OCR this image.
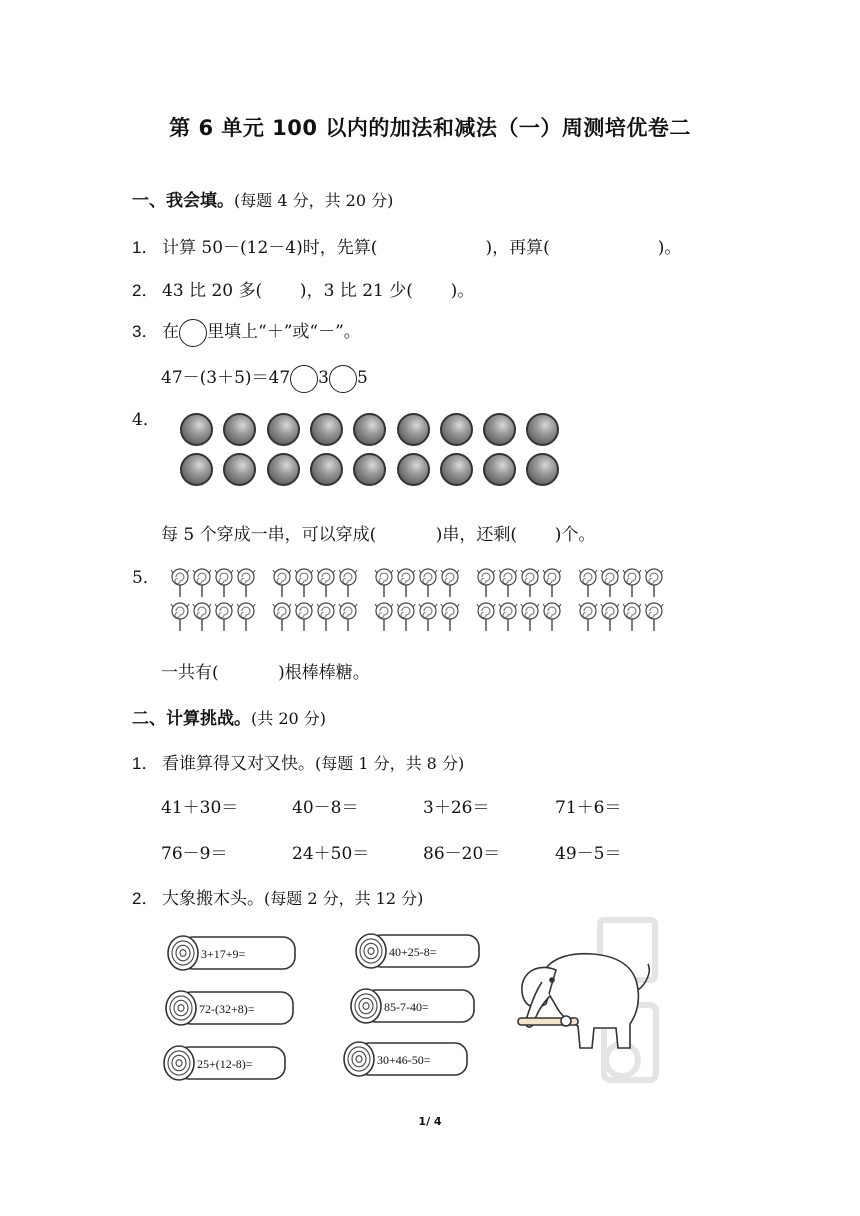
第 6 单元 100 以内的加法和减法（一）周测培优卷二
一、我会填。(每题 4 分，共 20 分)
1． 计算 50－(12－4)时，先算(                    )，再算(                    )。
2． 43 比 20 多(       )，3 比 21 少(       )。
3． 在 里填上“＋”或“－”。
47－(3＋5)＝47 3 5
4．
每 5 个穿成一串，可以穿成(           )串，还剩(       )个。
5．
一共有(           )根棒棒糖。
二、计算挑战。(共 20 分)
1． 看谁算得又对又快。(每题 1 分，共 8 分)
41＋30＝	40－8＝	3＋26＝	71＋6＝
76－9＝	24＋50＝	86－20＝	49－5＝
2． 大象搬木头。(每题 2 分，共 12 分)
3+17+9=	40+25-8=
72-(32+8)=	85-7-40=
25+(12-8)=	30+46-50=
1/ 4
